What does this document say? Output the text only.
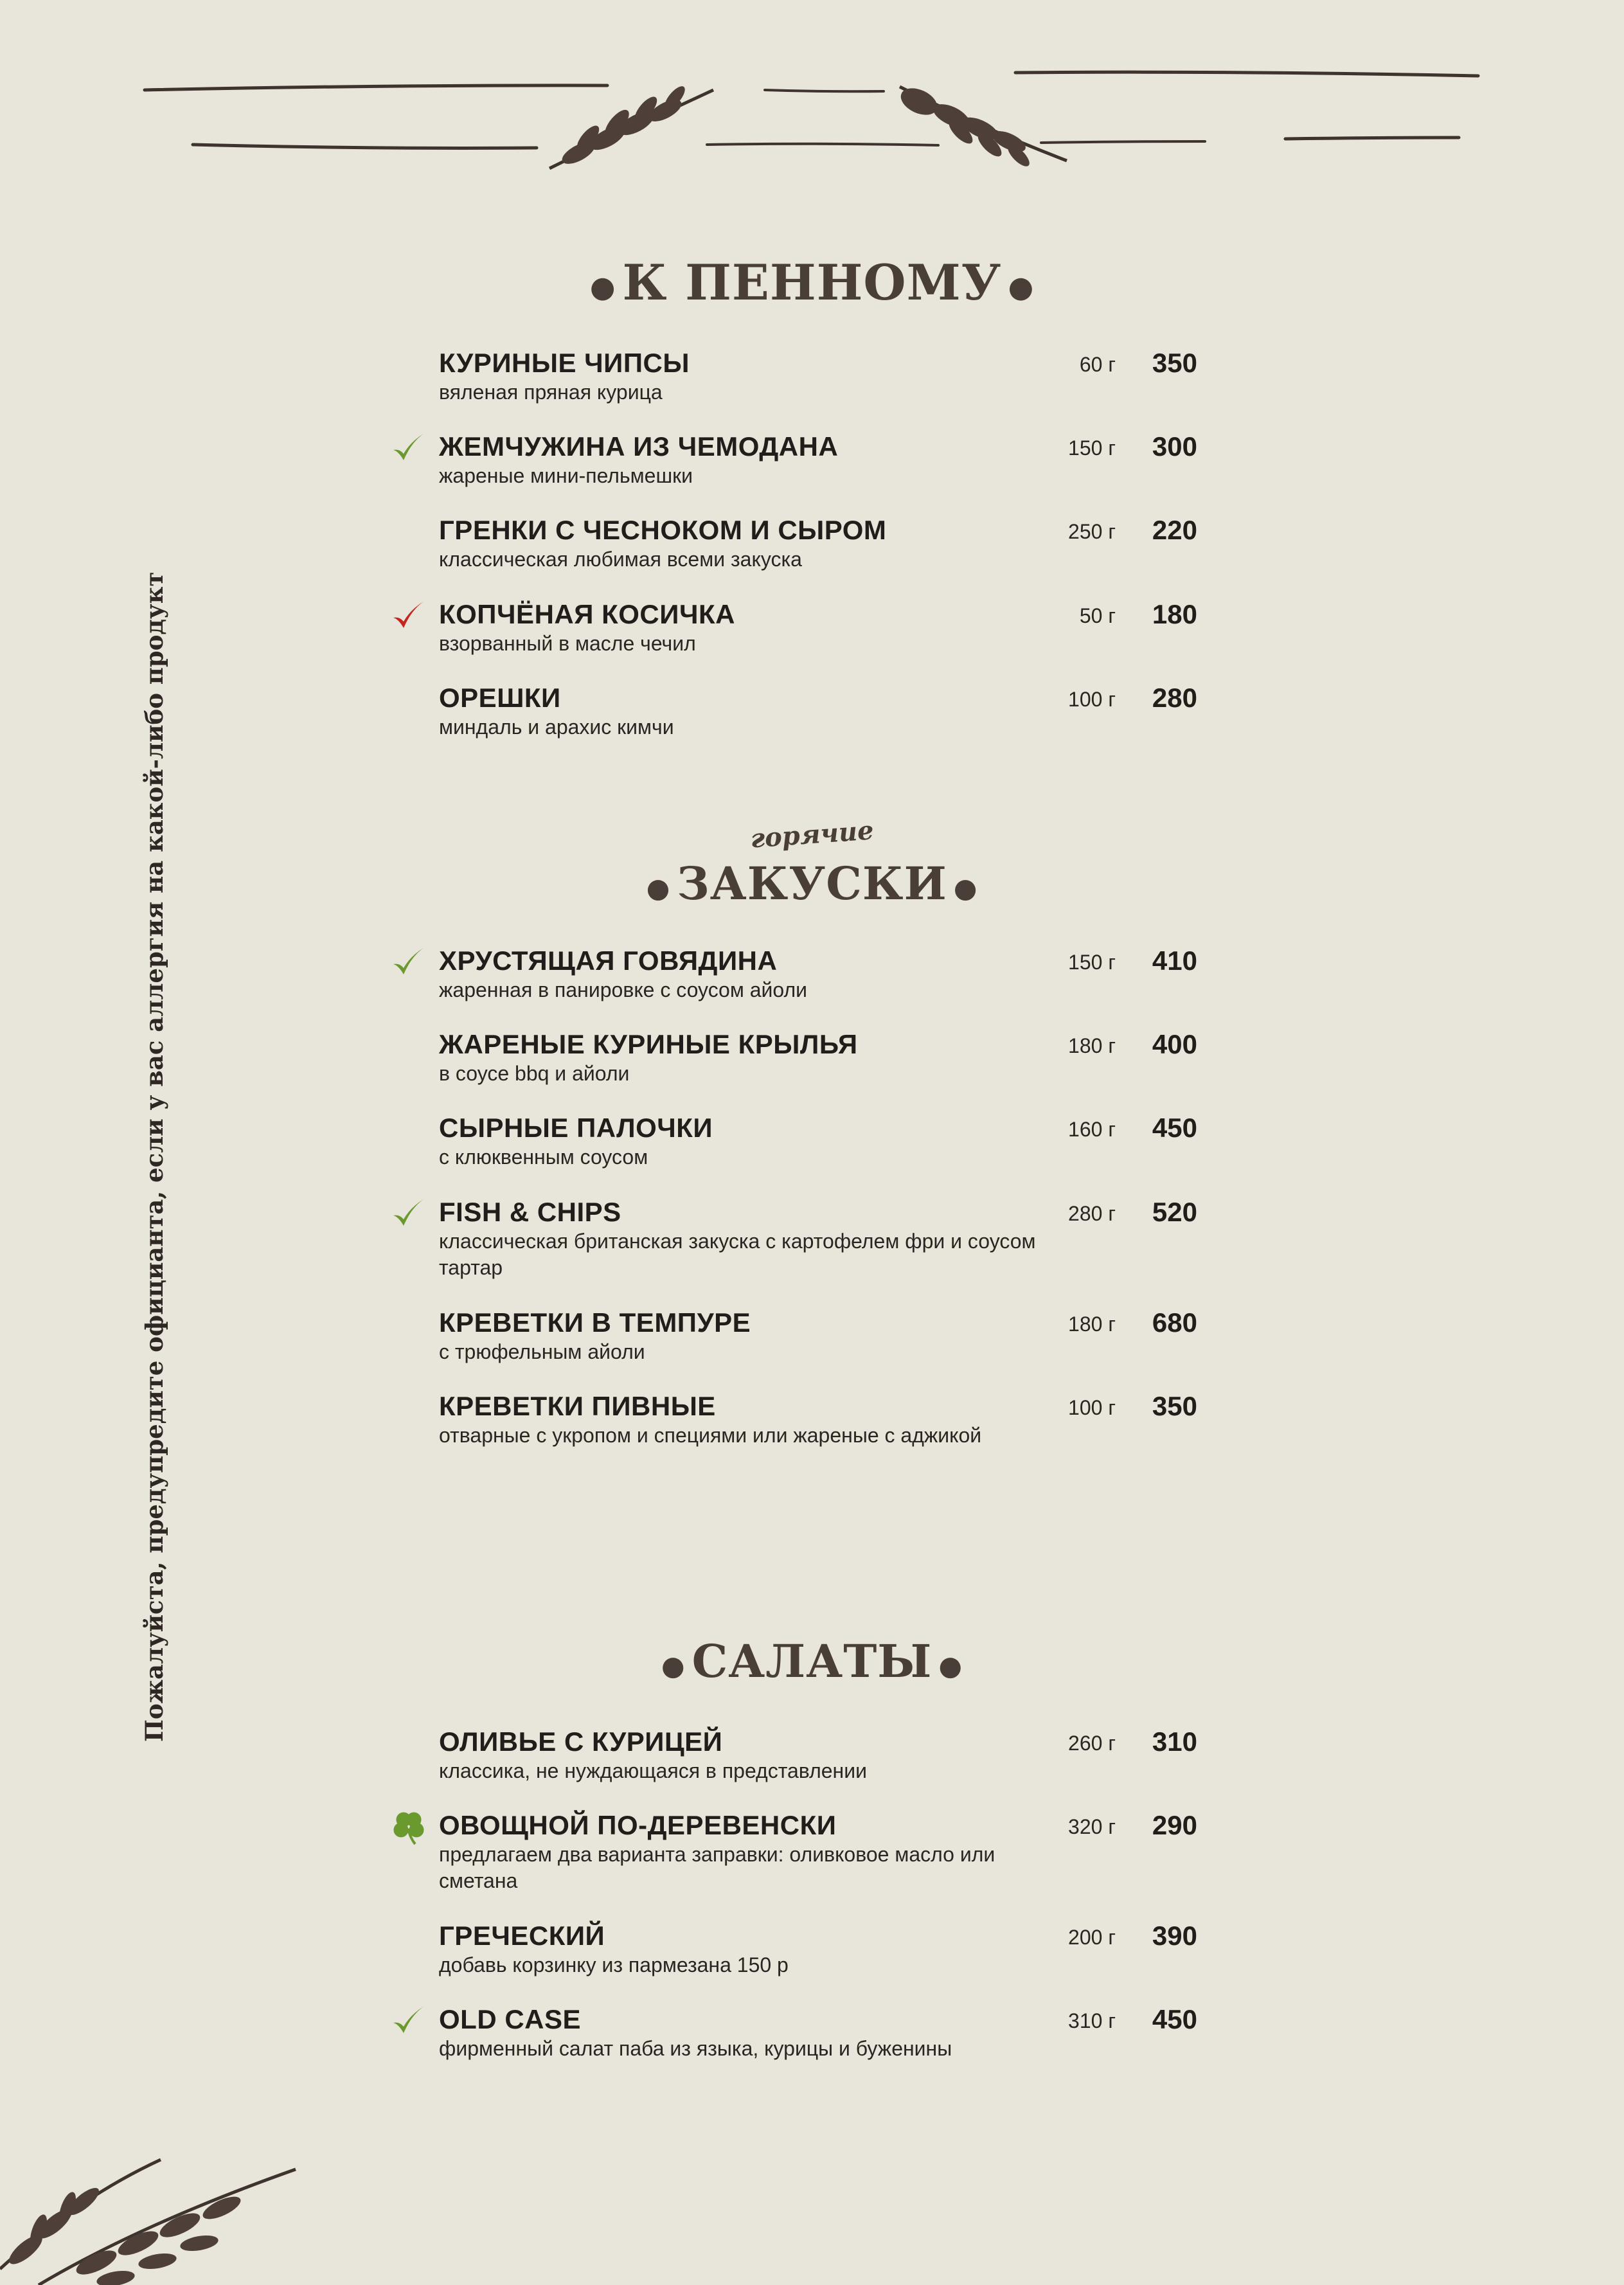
Пожалуйста, предупредите официанта, если у вас аллергия на какой-либо продукт
● К ПЕННОМУ ●
КУРИНЫЕ ЧИПСЫ
вяленая пряная курица
60 г	350
ЖЕМЧУЖИНА ИЗ ЧЕМОДАНА
жареные мини-пельмешки
150 г	300
ГРЕНКИ С ЧЕСНОКОМ И СЫРОМ
классическая любимая всеми закуска
250 г	220
КОПЧЁНАЯ КОСИЧКА
взорванный в масле чечил
50 г	180
ОРЕШКИ
миндаль и арахис кимчи
100 г	280
горячие
● ЗАКУСКИ ●
ХРУСТЯЩАЯ ГОВЯДИНА
жаренная в панировке с соусом айоли
150 г	410
ЖАРЕНЫЕ КУРИНЫЕ КРЫЛЬЯ
в соусе bbq и айоли
180 г	400
СЫРНЫЕ ПАЛОЧКИ
с клюквенным соусом
160 г	450
FISH & CHIPS
классическая британская закуска с картофелем фри и соусом тартар
280 г	520
КРЕВЕТКИ В ТЕМПУРЕ
с трюфельным айоли
180 г	680
КРЕВЕТКИ ПИВНЫЕ
отварные с укропом и специями или жареные с аджикой
100 г	350
● САЛАТЫ ●
ОЛИВЬЕ С КУРИЦЕЙ
классика, не нуждающаяся в представлении
260 г	310
ОВОЩНОЙ ПО-ДЕРЕВЕНСКИ
предлагаем два варианта заправки: оливковое масло или сметана
320 г	290
ГРЕЧЕСКИЙ
добавь корзинку из пармезана 150 р
200 г	390
OLD CASE
фирменный салат паба из языка, курицы и буженины
310 г	450
